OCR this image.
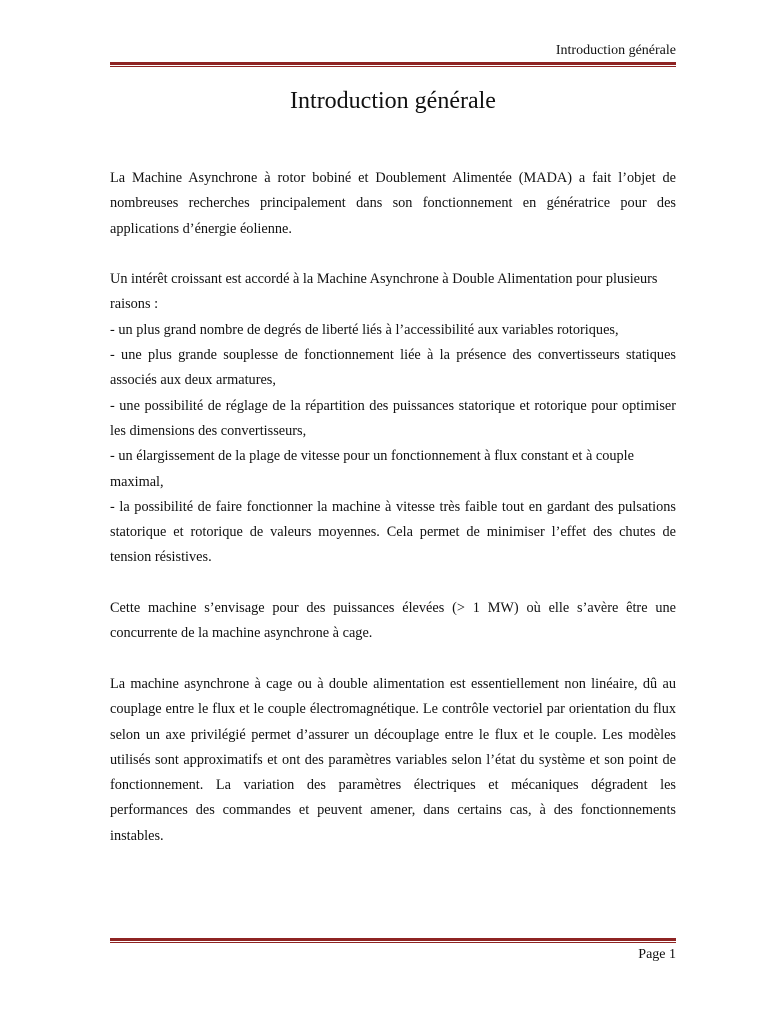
Introduction générale
Introduction générale

La Machine Asynchrone à rotor bobiné et Doublement Alimentée (MADA) a fait l’objet de nombreuses recherches principalement dans son fonctionnement en génératrice pour des applications d’énergie éolienne.

Un intérêt croissant est accordé à la Machine Asynchrone à Double Alimentation pour plusieurs raisons :

- un plus grand nombre de degrés de liberté liés à l’accessibilité aux variables rotoriques,

- une plus grande souplesse de fonctionnement liée à la présence des convertisseurs statiques associés aux deux armatures,

- une possibilité de réglage de la répartition des puissances statorique et rotorique pour optimiser les dimensions des convertisseurs,

- un élargissement de la plage de vitesse pour un fonctionnement à flux constant et à couple maximal,

- la possibilité de faire fonctionner la machine à vitesse très faible tout en gardant des pulsations statorique et rotorique de valeurs moyennes. Cela permet de minimiser l’effet des chutes de tension résistives.

Cette machine s’envisage pour des puissances élevées (> 1 MW) où elle s’avère être une concurrente de la machine asynchrone à cage.

La machine asynchrone à cage ou à double alimentation est essentiellement non linéaire, dû au couplage entre le flux et le couple électromagnétique. Le contrôle vectoriel par orientation du flux selon un axe privilégié permet d’assurer un découplage entre le flux et le couple. Les modèles utilisés sont approximatifs et ont des paramètres variables selon l’état du système et son point de fonctionnement. La variation des paramètres électriques et mécaniques dégradent les performances des commandes et peuvent amener, dans certains cas, à des fonctionnements instables.

Page 1
